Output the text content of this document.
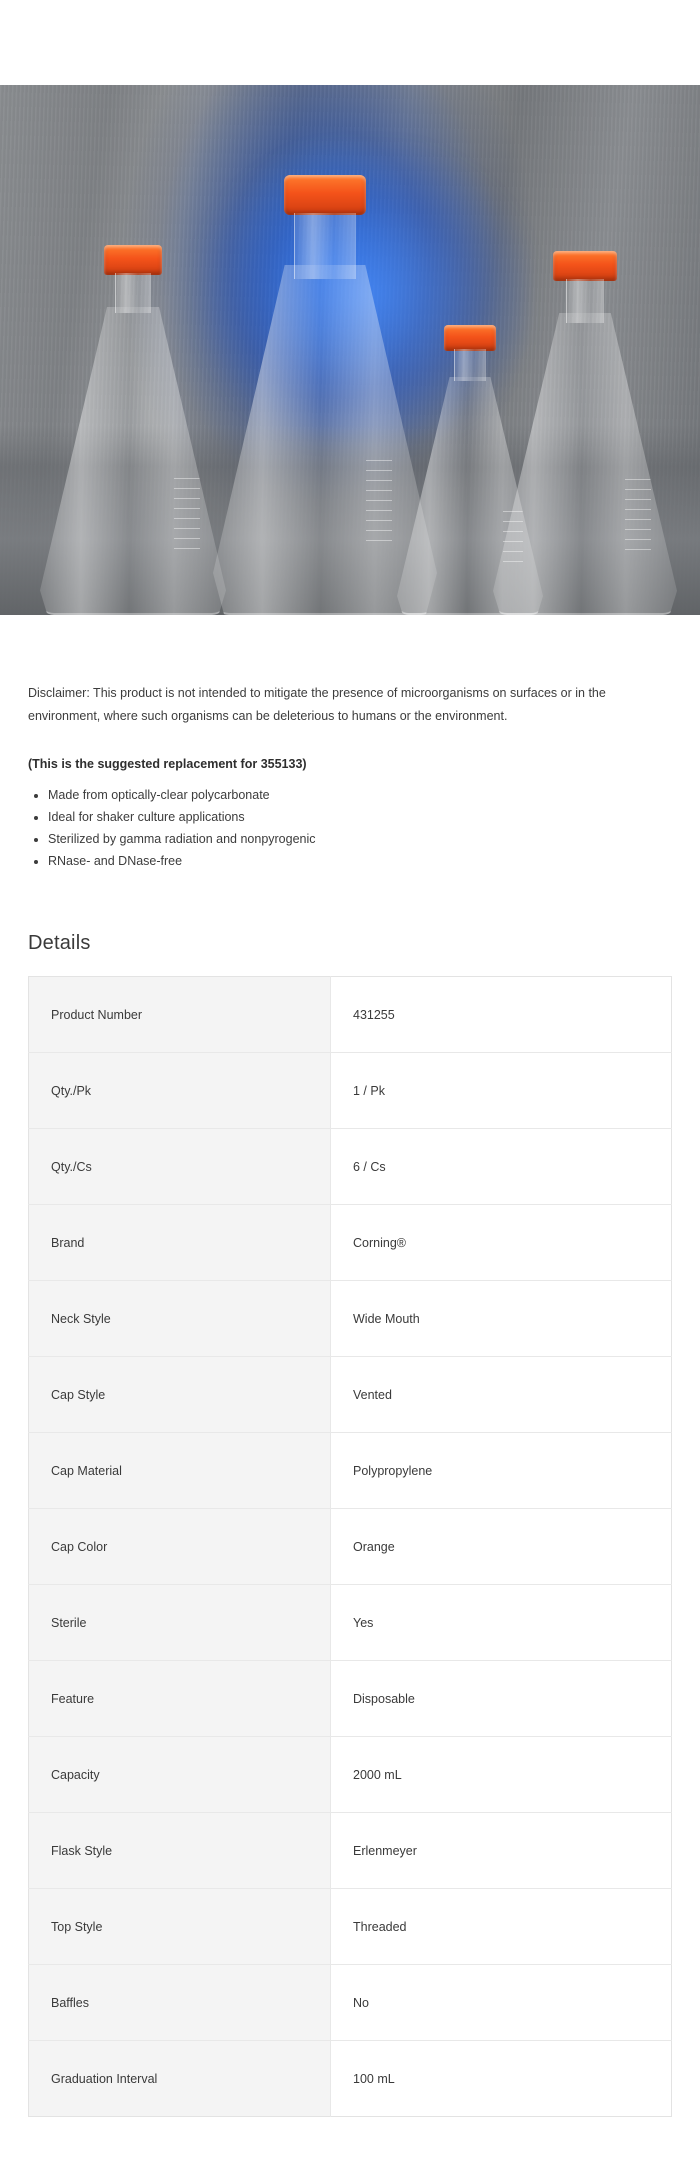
Disclaimer: This product is not intended to mitigate the presence of microorganisms on surfaces or in the environment, where such organisms can be deleterious to humans or the environment.

(This is the suggested replacement for 355133)

• Made from optically-clear polycarbonate
• Ideal for shaker culture applications
• Sterilized by gamma radiation and nonpyrogenic
• RNase- and DNase-free
Details
Product Number	431255
Qty./Pk	1 / Pk
Qty./Cs	6 / Cs
Brand	Corning®
Neck Style	Wide Mouth
Cap Style	Vented
Cap Material	Polypropylene
Cap Color	Orange
Sterile	Yes
Feature	Disposable
Capacity	2000 mL
Flask Style	Erlenmeyer
Top Style	Threaded
Baffles	No
Graduation Interval	100 mL
